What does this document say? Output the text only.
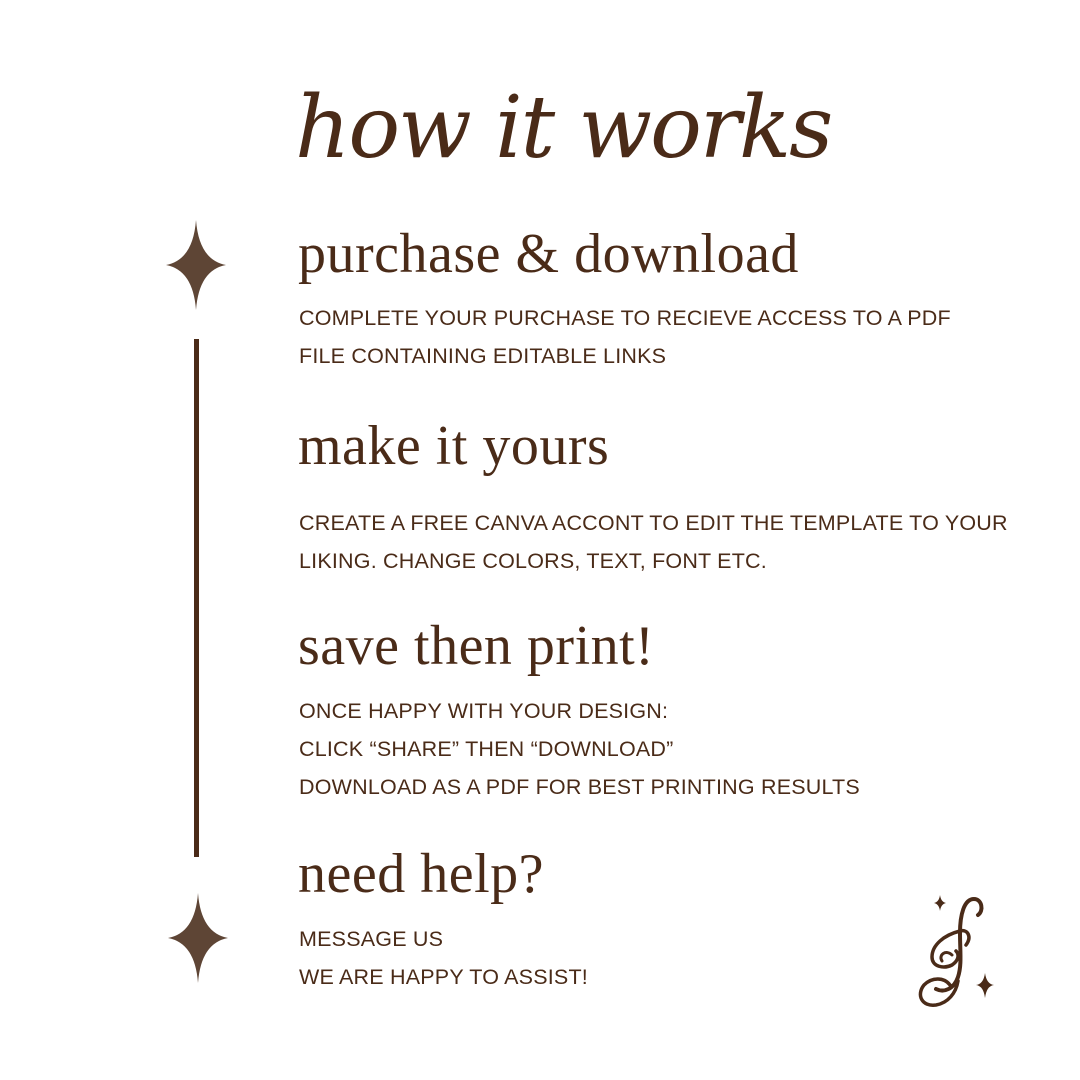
how it works
purchase & download
COMPLETE YOUR PURCHASE TO RECIEVE ACCESS TO A PDF
FILE CONTAINING EDITABLE LINKS
make it yours
CREATE A FREE CANVA ACCONT TO EDIT THE TEMPLATE TO YOUR
LIKING. CHANGE COLORS, TEXT, FONT ETC.
save then print!
ONCE HAPPY WITH YOUR DESIGN:
CLICK “SHARE” THEN “DOWNLOAD”
DOWNLOAD AS A PDF FOR BEST PRINTING RESULTS
need help?
MESSAGE US
WE ARE HAPPY TO ASSIST!
